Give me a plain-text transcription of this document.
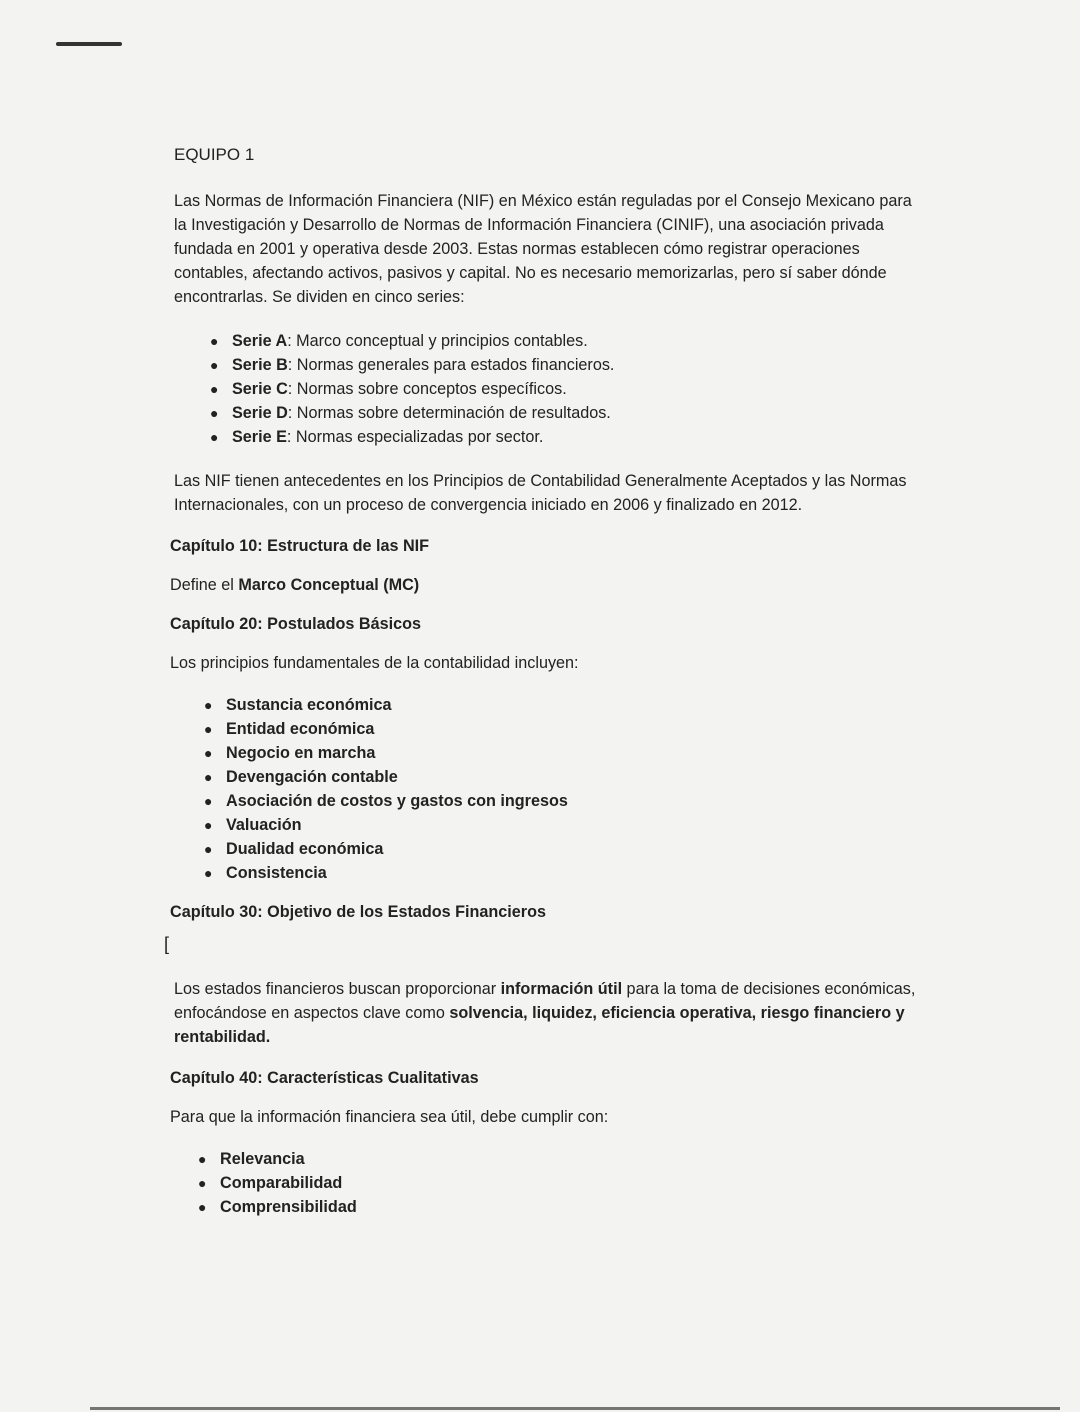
EQUIPO 1

Las Normas de Información Financiera (NIF) en México están reguladas por el Consejo Mexicano para la Investigación y Desarrollo de Normas de Información Financiera (CINIF), una asociación privada fundada en 2001 y operativa desde 2003. Estas normas establecen cómo registrar operaciones contables, afectando activos, pasivos y capital. No es necesario memorizarlas, pero sí saber dónde encontrarlas. Se dividen en cinco series:

● Serie A: Marco conceptual y principios contables.
● Serie B: Normas generales para estados financieros.
● Serie C: Normas sobre conceptos específicos.
● Serie D: Normas sobre determinación de resultados.
● Serie E: Normas especializadas por sector.

Las NIF tienen antecedentes en los Principios de Contabilidad Generalmente Aceptados y las Normas Internacionales, con un proceso de convergencia iniciado en 2006 y finalizado en 2012.

Capítulo 10: Estructura de las NIF
Define el Marco Conceptual (MC)
Capítulo 20: Postulados Básicos
Los principios fundamentales de la contabilidad incluyen:
● Sustancia económica
● Entidad económica
● Negocio en marcha
● Devengación contable
● Asociación de costos y gastos con ingresos
● Valuación
● Dualidad económica
● Consistencia
Capítulo 30: Objetivo de los Estados Financieros
[

Los estados financieros buscan proporcionar información útil para la toma de decisiones económicas, enfocándose en aspectos clave como solvencia, liquidez, eficiencia operativa, riesgo financiero y rentabilidad.

Capítulo 40: Características Cualitativas
Para que la información financiera sea útil, debe cumplir con:
● Relevancia
● Comparabilidad
● Comprensibilidad
